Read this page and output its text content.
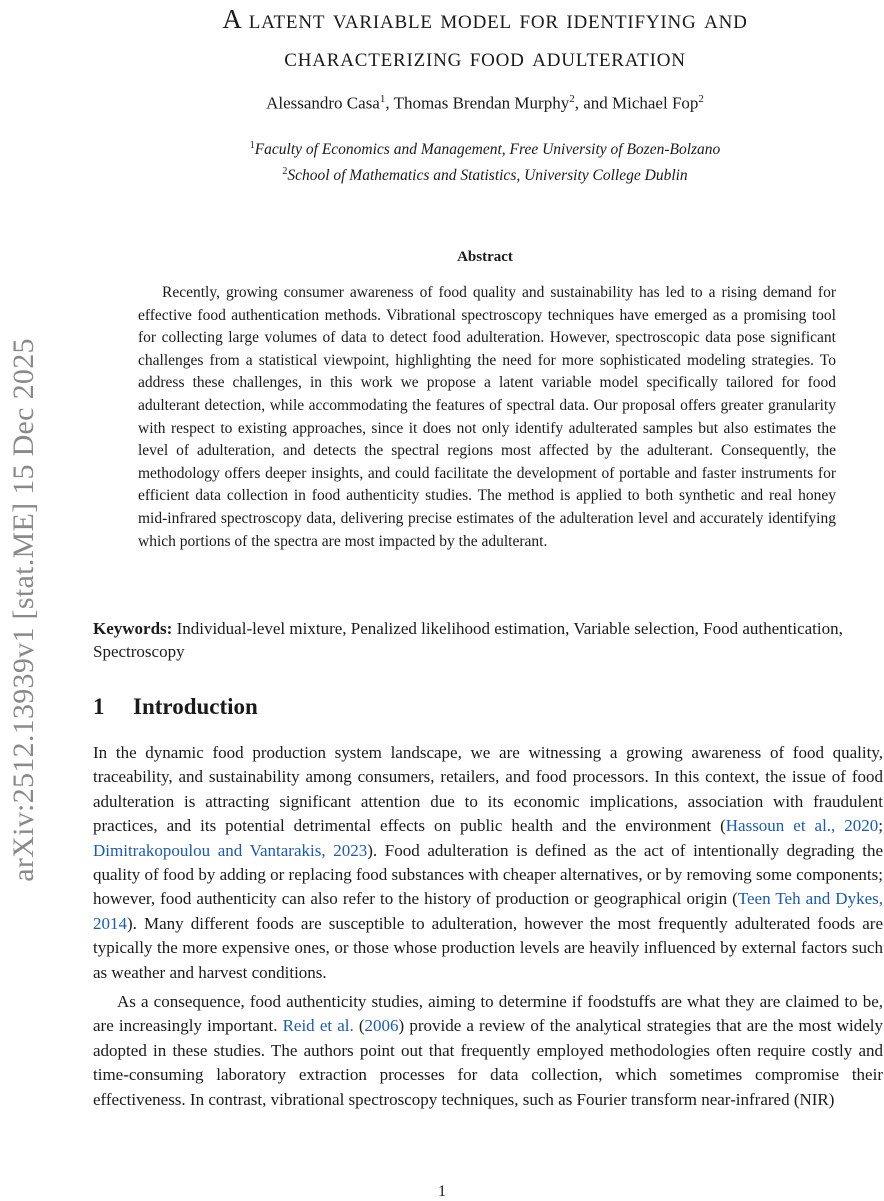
arXiv:2512.13939v1 [stat.ME] 15 Dec 2025
A latent variable model for identifying and
characterizing food adulteration
Alessandro Casa$^1$, Thomas Brendan Murphy$^2$, and Michael Fop$^2$
$^1$Faculty of Economics and Management, Free University of Bozen-Bolzano
$^2$School of Mathematics and Statistics, University College Dublin
Abstract

Recently, growing consumer awareness of food quality and sustainability has led to a rising demand for effective food authentication methods. Vibrational spectroscopy techniques have emerged as a promising tool for collecting large volumes of data to detect food adulteration. However, spectroscopic data pose significant challenges from a statistical viewpoint, highlighting the need for more sophisticated modeling strategies. To address these challenges, in this work we propose a latent variable model specifically tailored for food adulterant detection, while accommodating the features of spectral data. Our proposal offers greater granularity with respect to existing approaches, since it does not only identify adulterated samples but also estimates the level of adulteration, and detects the spectral regions most affected by the adulterant. Consequently, the methodology offers deeper insights, and could facilitate the development of portable and faster instruments for efficient data collection in food authenticity studies. The method is applied to both synthetic and real honey mid-infrared spectroscopy data, delivering precise estimates of the adulteration level and accurately identifying which portions of the spectra are most impacted by the adulterant.

Keywords: Individual-level mixture, Penalized likelihood estimation, Variable selection, Food authentication, Spectroscopy

1 Introduction

In the dynamic food production system landscape, we are witnessing a growing awareness of food quality, traceability, and sustainability among consumers, retailers, and food processors. In this context, the issue of food adulteration is attracting significant attention due to its economic implications, association with fraudulent practices, and its potential detrimental effects on public health and the environment (Hassoun et al., 2020; Dimitrakopoulou and Vantarakis, 2023). Food adulteration is defined as the act of intentionally degrading the quality of food by adding or replacing food substances with cheaper alternatives, or by removing some components; however, food authenticity can also refer to the history of production or geographical origin (Teen Teh and Dykes, 2014). Many different foods are susceptible to adulteration, however the most frequently adulterated foods are typically the more expensive ones, or those whose production levels are heavily influenced by external factors such as weather and harvest conditions.

As a consequence, food authenticity studies, aiming to determine if foodstuffs are what they are claimed to be, are increasingly important. Reid et al. (2006) provide a review of the analytical strategies that are the most widely adopted in these studies. The authors point out that frequently employed methodologies often require costly and time-consuming laboratory extraction processes for data collection, which sometimes compromise their effectiveness. In contrast, vibrational spectroscopy techniques, such as Fourier transform near-infrared (NIR)

1
